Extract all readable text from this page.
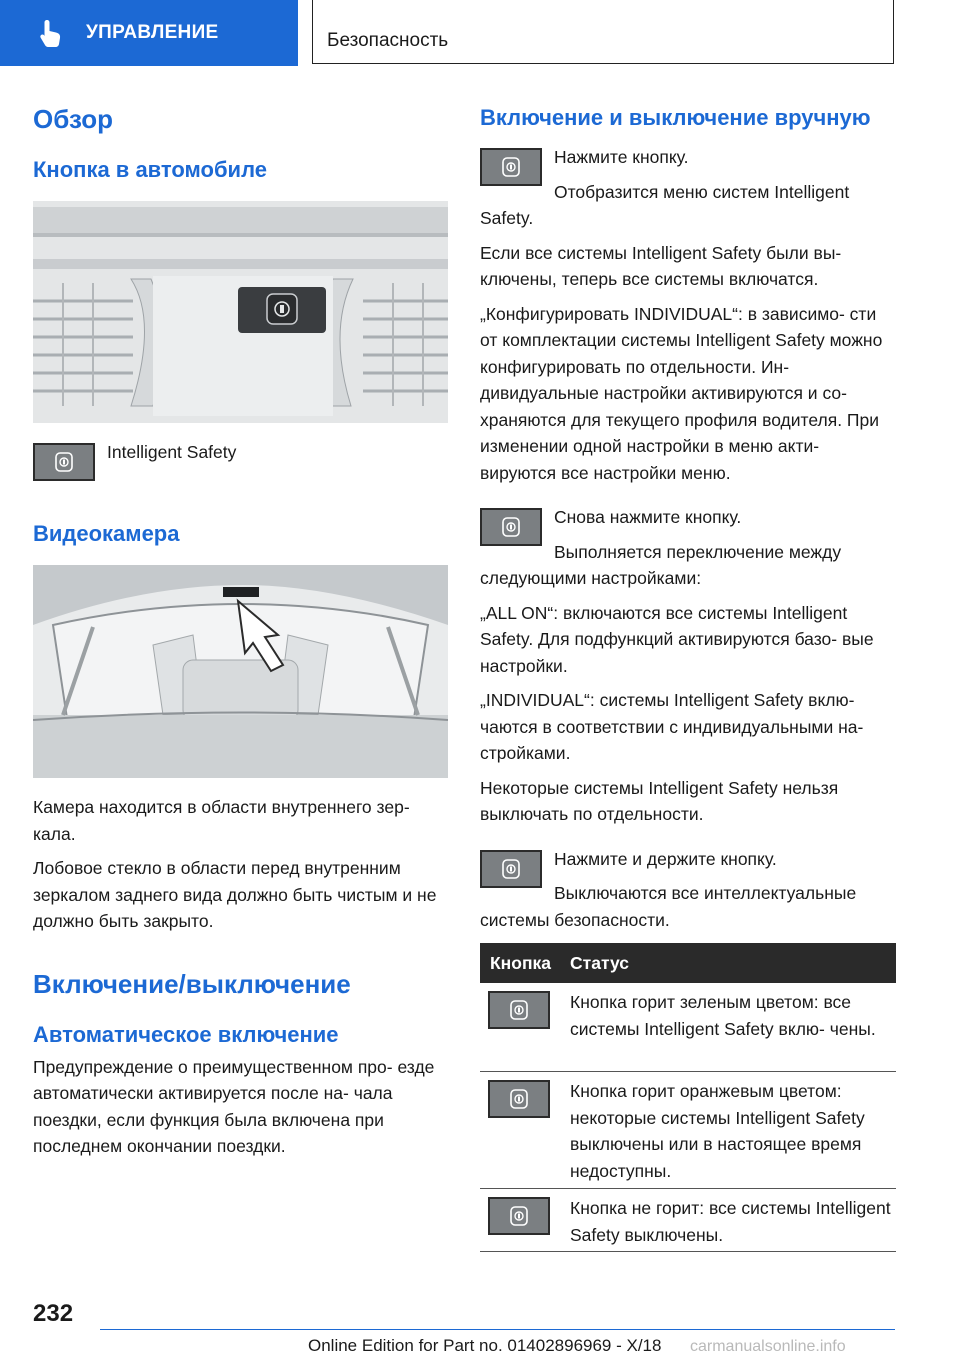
УПРАВЛЕНИЕ	Безопасность
Обзор
Кнопка в автомобиле

Intelligent Safety

Видеокамера

Камера находится в области внутреннего зер- кала.

Лобовое стекло в области перед внутренним зеркалом заднего вида должно быть чистым и не должно быть закрыто.

Включение/выключение
Автоматическое включение

Предупреждение о преимущественном про- езде автоматически активируется после на- чала поездки, если функция была включена при последнем окончании поездки.

Включение и выключение вручную

Нажмите кнопку.

Отобразится меню систем Intelligent Safety.

Если все системы Intelligent Safety были вы- ключены, теперь все системы включатся.

„Конфигурировать INDIVIDUAL“: в зависимо- сти от комплектации системы Intelligent Safety можно конфигурировать по отдельности. Ин- дивидуальные настройки активируются и со- храняются для текущего профиля водителя. При изменении одной настройки в меню акти- вируются все настройки меню.

Снова нажмите кнопку.

Выполняется переключение между следующими настройками:

„ALL ON“: включаются все системы Intelligent Safety. Для подфункций активируются базо- вые настройки.

„INDIVIDUAL“: системы Intelligent Safety вклю- чаются в соответствии с индивидуальными на- стройками.

Некоторые системы Intelligent Safety нельзя выключать по отдельности.

Нажмите и держите кнопку.

Выключаются все интеллектуальные системы безопасности.

Кнопка	Статус

Кнопка горит зеленым цветом: все системы Intelligent Safety вклю- чены.

Кнопка горит оранжевым цветом: некоторые системы Intelligent Safety выключены или в настоящее время недоступны.

Кнопка не горит: все системы Intelligent Safety выключены.

232
Online Edition for Part no. 01402896969 - X/18 carmanualsonline.info
